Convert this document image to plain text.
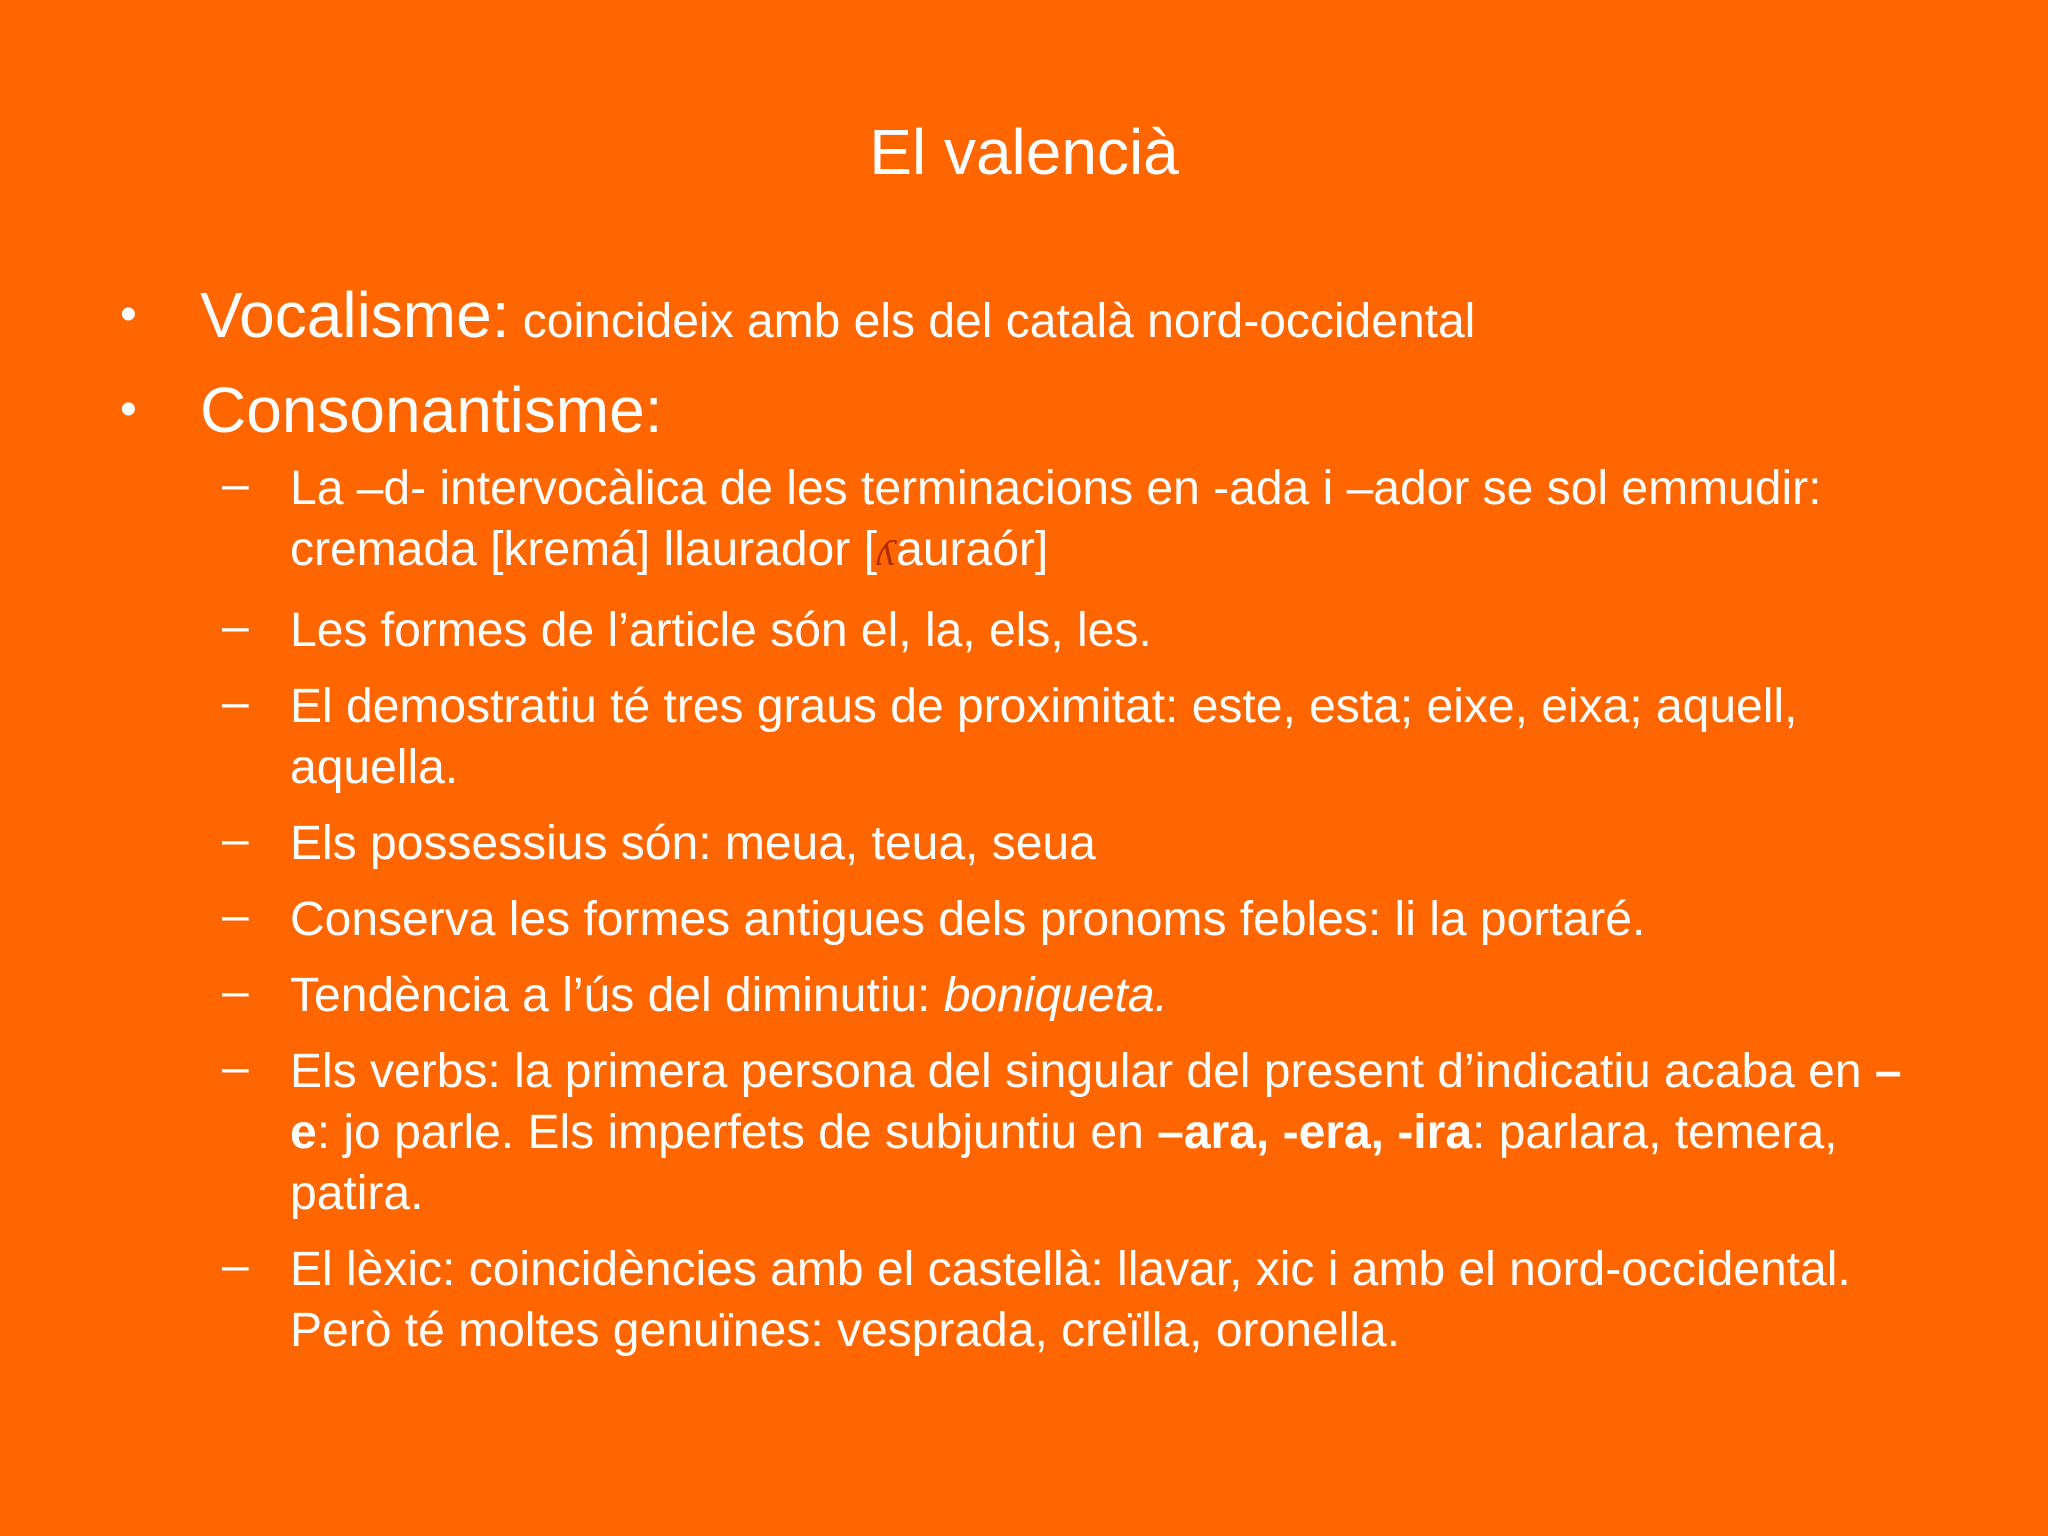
El valencià
• Vocalisme: coincideix amb els del català nord-occidental
• Consonantisme:
– La –d- intervocàlica de les terminacions en -ada i –ador se sol emmudir: cremada [kremá] llaurador [ʎauraór]
– Les formes de l’article són el, la, els, les.
– El demostratiu té tres graus de proximitat: este, esta; eixe, eixa; aquell, aquella.
– Els possessius són: meua, teua, seua
– Conserva les formes antigues dels pronoms febles: li la portaré.
– Tendència a l’ús del diminutiu: boniqueta.
– Els verbs: la primera persona del singular del present d’indicatiu acaba en –e: jo parle. Els imperfets de subjuntiu en –ara, -era, -ira: parlara, temera, patira.
– El lèxic: coincidències amb el castellà: llavar, xic i amb el nord-occidental. Però té moltes genuïnes: vesprada, creïlla, oronella.
